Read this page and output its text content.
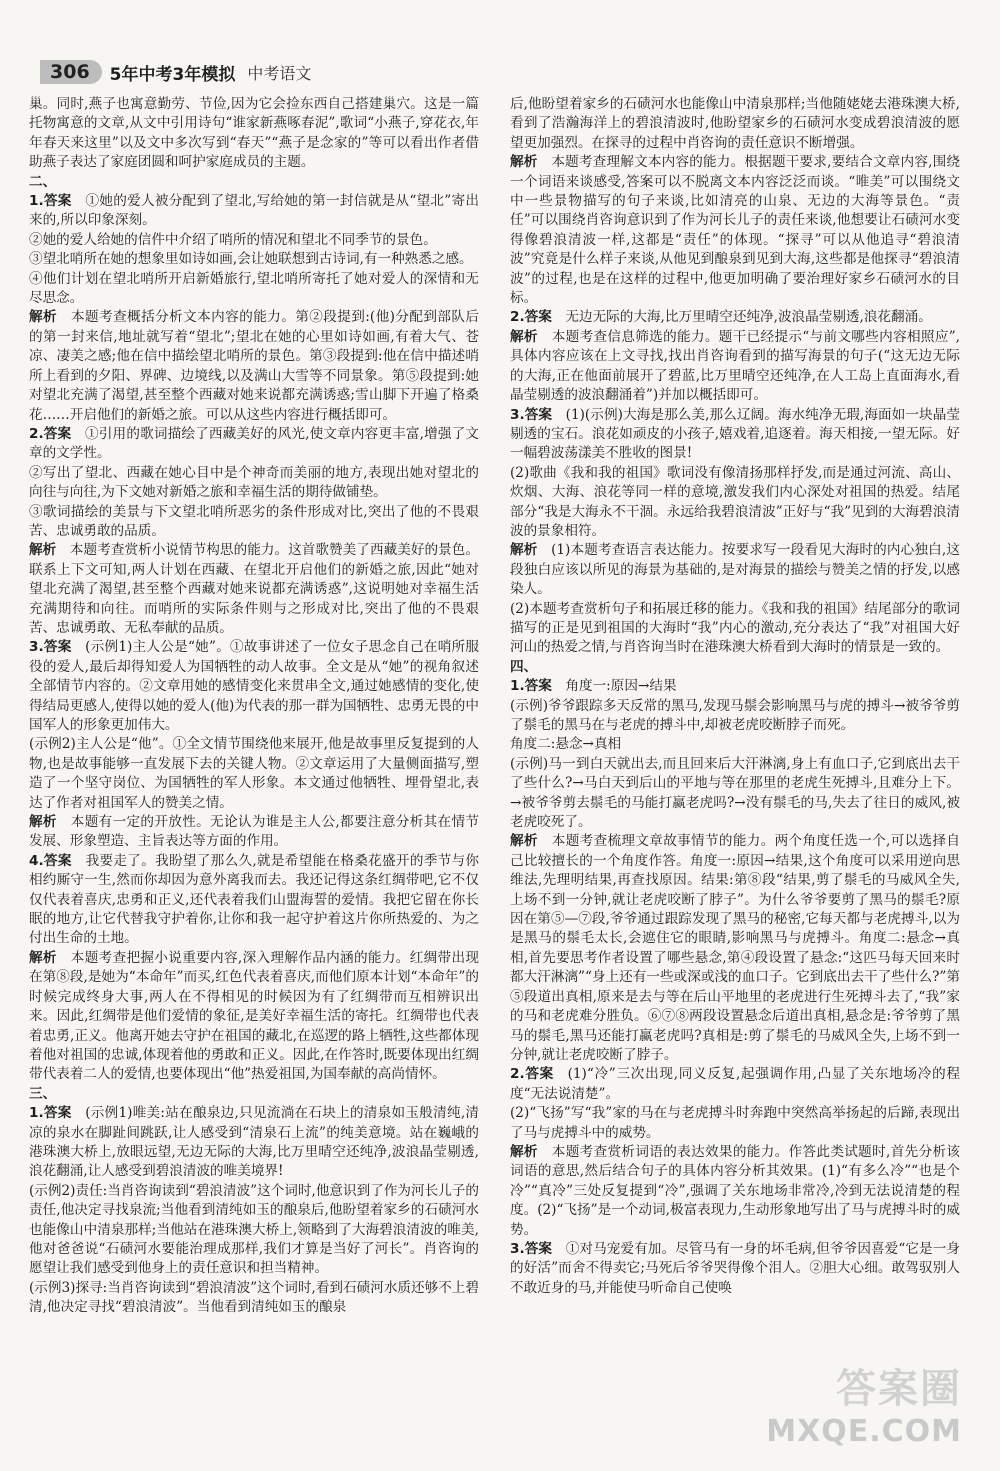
306	5年中考3年模拟 中考语文

巢。同时,燕子也寓意勤劳、节俭,因为它会捡东西自己搭建巢穴。这是一篇托物寓意的文章,从文中引用诗句“谁家新燕啄春泥”,歌词“小燕子,穿花衣,年年春天来这里”以及文中多次写到“春天”“燕子是念家的”等可以看出作者借助燕子表达了家庭团圆和呵护家庭成员的主题。

二、

1.答案  ①她的爱人被分配到了望北,写给她的第一封信就是从“望北”寄出来的,所以印象深刻。

②她的爱人给她的信件中介绍了哨所的情况和望北不同季节的景色。

③望北哨所在她的想象里如诗如画,会让她联想到古诗词,有一种熟悉之感。

④他们计划在望北哨所开启新婚旅行,望北哨所寄托了她对爱人的深情和无尽思念。

解析  本题考查概括分析文本内容的能力。第②段提到:(他)分配到部队后的第一封来信,地址就写着“望北”;望北在她的心里如诗如画,有着大气、苍凉、凄美之感;他在信中描绘望北哨所的景色。第③段提到:他在信中描述哨所上看到的夕阳、界碑、边境线,以及满山大雪等不同景象。第⑤段提到:她对望北充满了渴望,甚至整个西藏对她来说都充满诱惑;雪山脚下开遍了格桑花……开启他们的新婚之旅。可以从这些内容进行概括即可。

2.答案  ①引用的歌词描绘了西藏美好的风光,使文章内容更丰富,增强了文章的文学性。

②写出了望北、西藏在她心目中是个神奇而美丽的地方,表现出她对望北的向往与向往,为下文她对新婚之旅和幸福生活的期待做铺垫。

③歌词描绘的美景与下文望北哨所恶劣的条件形成对比,突出了他的不畏艰苦、忠诚勇敢的品质。

解析  本题考查赏析小说情节构思的能力。这首歌赞美了西藏美好的景色。联系上下文可知,两人计划在西藏、在望北开启他们的新婚之旅,因此“她对望北充满了渴望,甚至整个西藏对她来说都充满诱惑”,这说明她对幸福生活充满期待和向往。而哨所的实际条件则与之形成对比,突出了他的不畏艰苦、忠诚勇敢、无私奉献的品质。

3.答案  (示例1)主人公是“她”。①故事讲述了一位女子思念自己在哨所服役的爱人,最后却得知爱人为国牺牲的动人故事。全文是从“她”的视角叙述全部情节内容的。②文章用她的感情变化来贯串全文,通过她感情的变化,使得结局更感人,使得以她的爱人(他)为代表的那一群为国牺牲、忠勇无畏的中国军人的形象更加伟大。

(示例2)主人公是“他”。①全文情节围绕他来展开,他是故事里反复提到的人物,也是故事能够一直发展下去的关键人物。②文章运用了大量侧面描写,塑造了一个坚守岗位、为国牺牲的军人形象。本文通过他牺牲、埋骨望北,表达了作者对祖国军人的赞美之情。

解析  本题有一定的开放性。无论认为谁是主人公,都要注意分析其在情节发展、形象塑造、主旨表达等方面的作用。

4.答案  我要走了。我盼望了那么久,就是希望能在格桑花盛开的季节与你相约厮守一生,然而你却因为意外离我而去。我还记得这条红绸带吧,它不仅仅代表着喜庆,忠勇和正义,还代表着我们山盟海誓的爱情。我把它留在你长眠的地方,让它代替我守护着你,让你和我一起守护着这片你所热爱的、为之付出生命的土地。

解析  本题考查把握小说重要内容,深入理解作品内涵的能力。红绸带出现在第⑧段,是她为“本命年”而买,红色代表着喜庆,而他们原本计划“本命年”的时候完成终身大事,两人在不得相见的时候因为有了红绸带而互相辨识出来。因此,红绸带是他们爱情的象征,是美好幸福生活的寄托。红绸带也代表着忠勇,正义。他离开她去守护在祖国的藏北,在巡逻的路上牺牲,这些都体现着他对祖国的忠诚,体现着他的勇敢和正义。因此,在作答时,既要体现出红绸带代表着二人的爱情,也要体现出“他”热爱祖国,为国奉献的高尚情怀。

三、

1.答案  (示例1)唯美:站在酿泉边,只见流淌在石块上的清泉如玉般清纯,清凉的泉水在脚趾间跳跃,让人感受到“清泉石上流”的纯美意境。站在巍峨的港珠澳大桥上,放眼远望,无边无际的大海,比万里晴空还纯净,波浪晶莹剔透,浪花翻涌,让人感受到碧浪清波的唯美境界!

(示例2)责任:当肖咨询读到“碧浪清波”这个词时,他意识到了作为河长儿子的责任,他决定寻找泉流;当他看到清纯如玉的酿泉后,他盼望着家乡的石碛河水也能像山中清泉那样;当他站在港珠澳大桥上,领略到了大海碧浪清波的唯美,他对爸爸说“石碛河水要能治理成那样,我们才算是当好了河长”。肖咨询的愿望让我们感受到他身上的责任意识和担当精神。

(示例3)探寻:当肖咨询读到“碧浪清波”这个词时,看到石碛河水质还够不上碧清,他决定寻找“碧浪清波”。当他看到清纯如玉的酿泉

后,他盼望着家乡的石碛河水也能像山中清泉那样;当他随姥姥去港珠澳大桥,看到了浩瀚海洋上的碧浪清波时,他盼望家乡的石碛河水变成碧浪清波的愿望更加强烈。在探寻的过程中肖咨询的责任意识不断增强。

解析  本题考查理解文本内容的能力。根据题干要求,要结合文章内容,围绕一个词语来谈感受,答案可以不脱离文本内容泛泛而谈。“唯美”可以围绕文中一些景物描写的句子来谈,比如清亮的山泉、无边的大海等景色。“责任”可以围绕肖咨询意识到了作为河长儿子的责任来谈,他想要让石碛河水变得像碧浪清波一样,这都是“责任”的体现。“探寻”可以从他追寻“碧浪清波”究竟是什么样子来谈,从他见到酿泉到见到大海,这些都是他探寻“碧浪清波”的过程,也是在这样的过程中,他更加明确了要治理好家乡石碛河水的目标。

2.答案  无边无际的大海,比万里晴空还纯净,波浪晶莹剔透,浪花翻涌。

解析  本题考查信息筛选的能力。题干已经提示“与前文哪些内容相照应”,具体内容应该在上文寻找,找出肖咨询看到的描写海景的句子(“这无边无际的大海,正在他面前展开了碧蓝,比万里晴空还纯净,在人工岛上直面海水,看晶莹剔透的波浪翻涌着”)并加以概括即可。

3.答案  (1)(示例)大海是那么美,那么辽阔。海水纯净无瑕,海面如一块晶莹剔透的宝石。浪花如顽皮的小孩子,嬉戏着,追逐着。海天相接,一望无际。好一幅碧波荡漾美不胜收的图景!

(2)歌曲《我和我的祖国》歌词没有像清扬那样抒发,而是通过河流、高山、炊烟、大海、浪花等同一样的意境,激发我们内心深处对祖国的热爱。结尾部分“我是大海永不干涸。永远给我碧浪清波”正好与“我”见到的大海碧浪清波的景象相符。

解析  (1)本题考查语言表达能力。按要求写一段看见大海时的内心独白,这段独白应该以所见的海景为基础的,是对海景的描绘与赞美之情的抒发,以感染人。

(2)本题考查赏析句子和拓展迁移的能力。《我和我的祖国》结尾部分的歌词描写的正是见到祖国的大海时“我”内心的激动,充分表达了“我”对祖国大好河山的热爱之情,与肖咨询当时在港珠澳大桥看到大海时的情景是一致的。

四、

1.答案  角度一:原因→结果

(示例)爷爷跟踪多天反常的黑马,发现马鬃会影响黑马与虎的搏斗→被爷爷剪了鬃毛的黑马在与老虎的搏斗中,却被老虎咬断脖子而死。

角度二:悬念→真相

(示例)马一到白天就出去,而且回来后大汗淋漓,身上有血口子,它到底出去干了些什么?→马白天到后山的平地与等在那里的老虎生死搏斗,且难分上下。→被爷爷剪去鬃毛的马能打赢老虎吗?→没有鬃毛的马,失去了往日的威风,被老虎咬死了。

解析  本题考查梳理文章故事情节的能力。两个角度任选一个,可以选择自己比较擅长的一个角度作答。角度一:原因→结果,这个角度可以采用逆向思维法,先理明结果,再查找原因。结果:第⑧段“结果,剪了鬃毛的马威风全失,上场不到一分钟,就让老虎咬断了脖子”。为什么爷爷要剪了黑马的鬃毛?原因在第⑤—⑦段,爷爷通过跟踪发现了黑马的秘密,它每天都与老虎搏斗,以为是黑马的鬃毛太长,会遮住它的眼睛,影响黑马与虎搏斗。角度二:悬念→真相,首先要思考作者设置了哪些悬念,第④段设置了悬念:“这匹马每天回来时都大汗淋漓”“身上还有一些或深或浅的血口子。它到底出去干了些什么?”第⑤段道出真相,原来是去与等在后山平地里的老虎进行生死搏斗去了,“我”家的马和老虎难分胜负。⑥⑦⑧两段设置悬念后道出真相,悬念是:爷爷剪了黑马的鬃毛,黑马还能打赢老虎吗?真相是:剪了鬃毛的马威风全失,上场不到一分钟,就让老虎咬断了脖子。

2.答案  (1)“冷”三次出现,同义反复,起强调作用,凸显了关东地场冷的程度“无法说清楚”。

(2)“飞扬”写“我”家的马在与老虎搏斗时奔跑中突然高举扬起的后蹄,表现出了马与虎搏斗中的威势。

解析  本题考查赏析词语的表达效果的能力。作答此类试题时,首先分析该词语的意思,然后结合句子的具体内容分析其效果。(1)“有多么冷”“也是个冷”“真冷”三处反复提到“冷”,强调了关东地场非常冷,冷到无法说清楚的程度。(2)“飞扬”是一个动词,极富表现力,生动形象地写出了马与虎搏斗时的威势。

3.答案  ①对马宠爱有加。尽管马有一身的坏毛病,但爷爷因喜爱“它是一身的好活”而舍不得卖它;马死后爷爷哭得像个泪人。②胆大心细。敢驾驭别人不敢近身的马,并能使马听命自己使唤

答案圈
MXQE.COM
